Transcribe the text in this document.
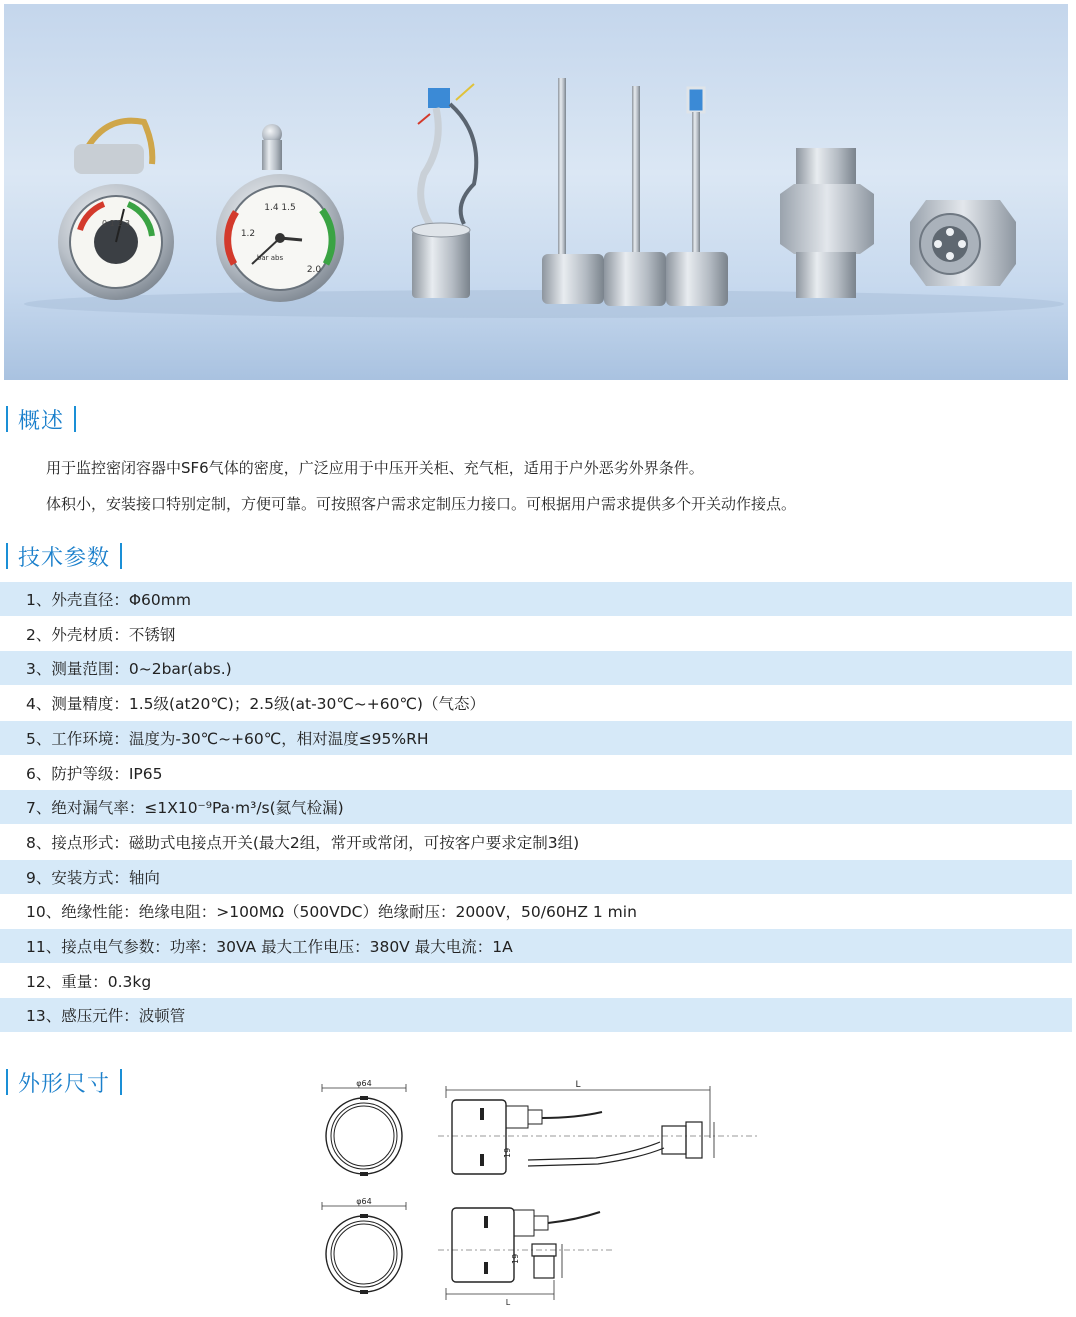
0 1 2 3
1.4 1.5
1.2
bar abs
2.0
概述
用于监控密闭容器中SF6气体的密度，广泛应用于中压开关柜、充气柜，适用于户外恶劣外界条件。
体积小，安装接口特别定制，方便可靠。可按照客户需求定制压力接口。可根据用户需求提供多个开关动作接点。
技术参数
1、外壳直径：Φ60mm
2、外壳材质：不锈钢
3、测量范围：0~2bar(abs.)
4、测量精度：1.5级(at20℃)；2.5级(at-30℃~+60℃)（气态）
5、工作环境：温度为-30℃~+60℃，相对温度≤95%RH
6、防护等级：IP65
7、绝对漏气率：≤1X10⁻⁹Pa·m³/s(氦气检漏)
8、接点形式：磁助式电接点开关(最大2组，常开或常闭，可按客户要求定制3组)
9、安装方式：轴向
10、绝缘性能：绝缘电阻：>100MΩ（500VDC）绝缘耐压：2000V，50/60HZ 1 min
11、接点电气参数：功率：30VA 最大工作电压：380V 最大电流：1A
12、重量：0.3kg
13、感压元件：波顿管
外形尺寸	φ64	L
19
φ64
19
L
